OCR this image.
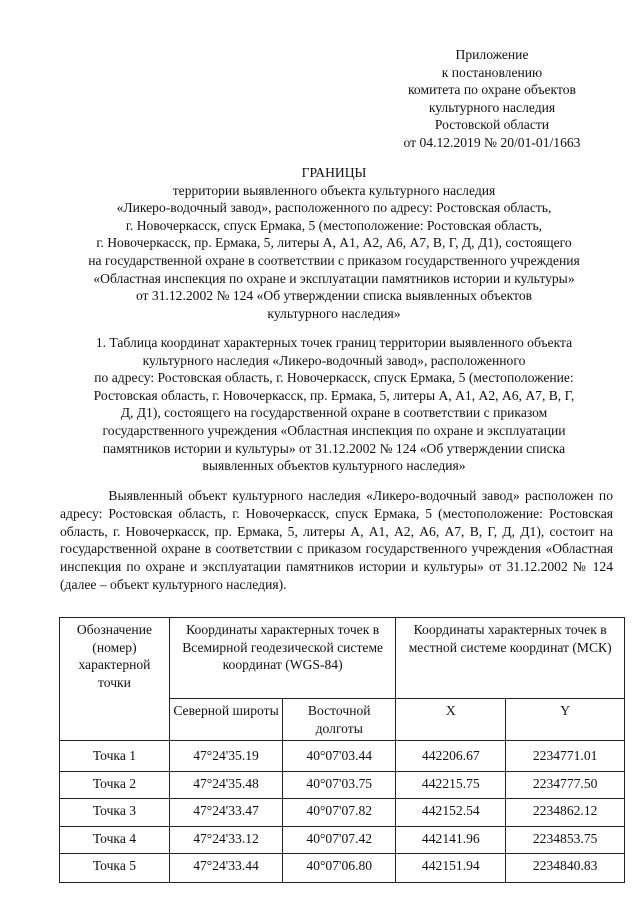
Приложение
к постановлению
комитета по охране объектов
культурного наследия
Ростовской области
от 04.12.2019 № 20/01-01/1663
ГРАНИЦЫ
территории выявленного объекта культурного наследия
«Ликеро-водочный завод», расположенного по адресу: Ростовская область,
г. Новочеркасск, спуск Ермака, 5 (местоположение: Ростовская область,
г. Новочеркасск, пр. Ермака, 5, литеры А, А1, А2, А6, А7, В, Г, Д, Д1), состоящего
на государственной охране в соответствии с приказом государственного учреждения
«Областная инспекция по охране и эксплуатации памятников истории и культуры»
от 31.12.2002 № 124 «Об утверждении списка выявленных объектов
культурного наследия»
1. Таблица координат характерных точек границ территории выявленного объекта
культурного наследия «Ликеро-водочный завод», расположенного
по адресу: Ростовская область, г. Новочеркасск, спуск Ермака, 5 (местоположение:
Ростовская область, г. Новочеркасск, пр. Ермака, 5, литеры А, А1, А2, А6, А7, В, Г,
Д, Д1), состоящего на государственной охране в соответствии с приказом
государственного учреждения «Областная инспекция по охране и эксплуатации
памятников истории и культуры» от 31.12.2002 № 124 «Об утверждении списка
выявленных объектов культурного наследия»
Выявленный объект культурного наследия «Ликеро-водочный завод» расположен по адресу: Ростовская область, г. Новочеркасск, спуск Ермака, 5 (местоположение: Ростовская область, г. Новочеркасск, пр. Ермака, 5, литеры А, А1, А2, А6, А7, В, Г, Д, Д1), состоит на государственной охране в соответствии с приказом государственного учреждения «Областная инспекция по охране и эксплуатации памятников истории и культуры» от 31.12.2002 № 124 (далее – объект культурного наследия).
Обозначение (номер) характерной точки	Координаты характерных точек в Всемирной геодезической системе координат (WGS-84)		Координаты характерных точек в местной системе координат (МСК)	
	Северной широты	Восточной долготы	X	Y
Точка 1	47°24'35.19	40°07'03.44	442206.67	2234771.01
Точка 2	47°24'35.48	40°07'03.75	442215.75	2234777.50
Точка 3	47°24'33.47	40°07'07.82	442152.54	2234862.12
Точка 4	47°24'33.12	40°07'07.42	442141.96	2234853.75
Точка 5	47°24'33.44	40°07'06.80	442151.94	2234840.83
